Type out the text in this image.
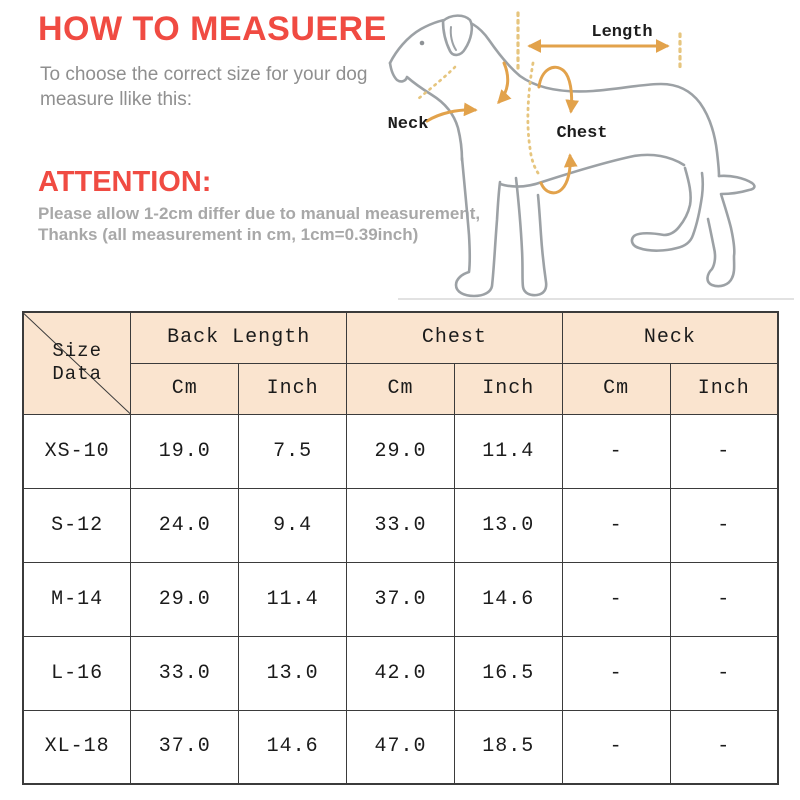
HOW TO MEASUERE
To choose the correct size for your dog
measure llike this:
ATTENTION:
Please allow 1-2cm differ due to manual measurement,
Thanks (all measurement in cm, 1cm=0.39inch)
Length
Neck	Chest
Size Data	Back Length		Chest		Neck	
	Cm	Inch	Cm	Inch	Cm	Inch
XS-10	19.0	7.5	29.0	11.4	-	-
S-12	24.0	9.4	33.0	13.0	-	-
M-14	29.0	11.4	37.0	14.6	-	-
L-16	33.0	13.0	42.0	16.5	-	-
XL-18	37.0	14.6	47.0	18.5	-	-
